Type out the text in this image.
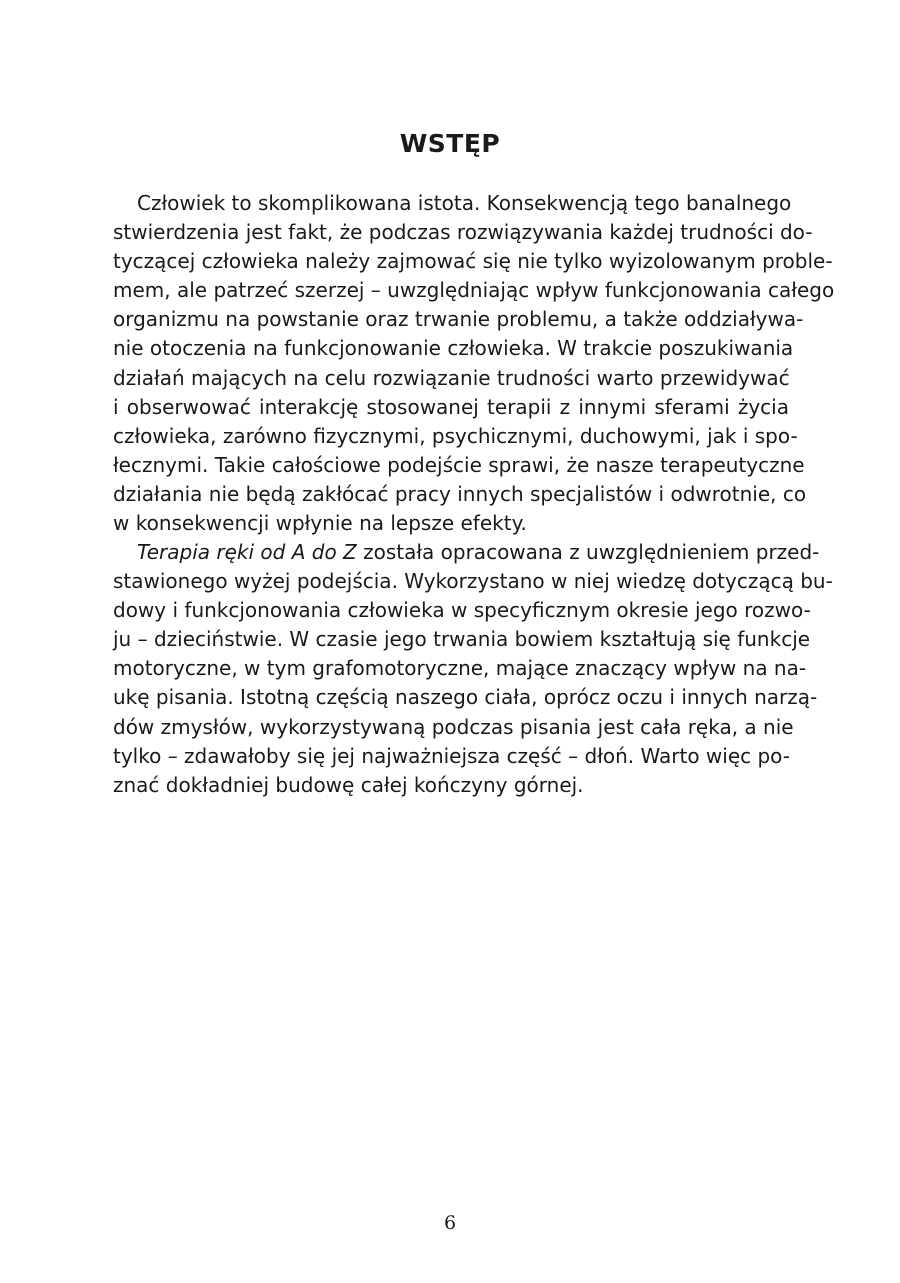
WSTĘP
Człowiek to skomplikowana istota. Konsekwencją tego banalnego
stwierdzenia jest fakt, że podczas rozwiązywania każdej trudności do-
tyczącej człowieka należy zajmować się nie tylko wyizolowanym proble-
mem, ale patrzeć szerzej – uwzględniając wpływ funkcjonowania całego
organizmu na powstanie oraz trwanie problemu, a także oddziaływa-
nie otoczenia na funkcjonowanie człowieka. W trakcie poszukiwania
działań mających na celu rozwiązanie trudności warto przewidywać
i obserwować interakcję stosowanej terapii z innymi sferami życia
człowieka, zarówno fizycznymi, psychicznymi, duchowymi, jak i spo-
łecznymi. Takie całościowe podejście sprawi, że nasze terapeutyczne
działania nie będą zakłócać pracy innych specjalistów i odwrotnie, co
w konsekwencji wpłynie na lepsze efekty.
Terapia ręki od A do Z została opracowana z uwzględnieniem przed-
stawionego wyżej podejścia. Wykorzystano w niej wiedzę dotyczącą bu-
dowy i funkcjonowania człowieka w specyficznym okresie jego rozwo-
ju – dzieciństwie. W czasie jego trwania bowiem kształtują się funkcje
motoryczne, w tym grafomotoryczne, mające znaczący wpływ na na-
ukę pisania. Istotną częścią naszego ciała, oprócz oczu i innych narzą-
dów zmysłów, wykorzystywaną podczas pisania jest cała ręka, a nie
tylko – zdawałoby się jej najważniejsza część – dłoń. Warto więc po-
znać dokładniej budowę całej kończyny górnej.
6
